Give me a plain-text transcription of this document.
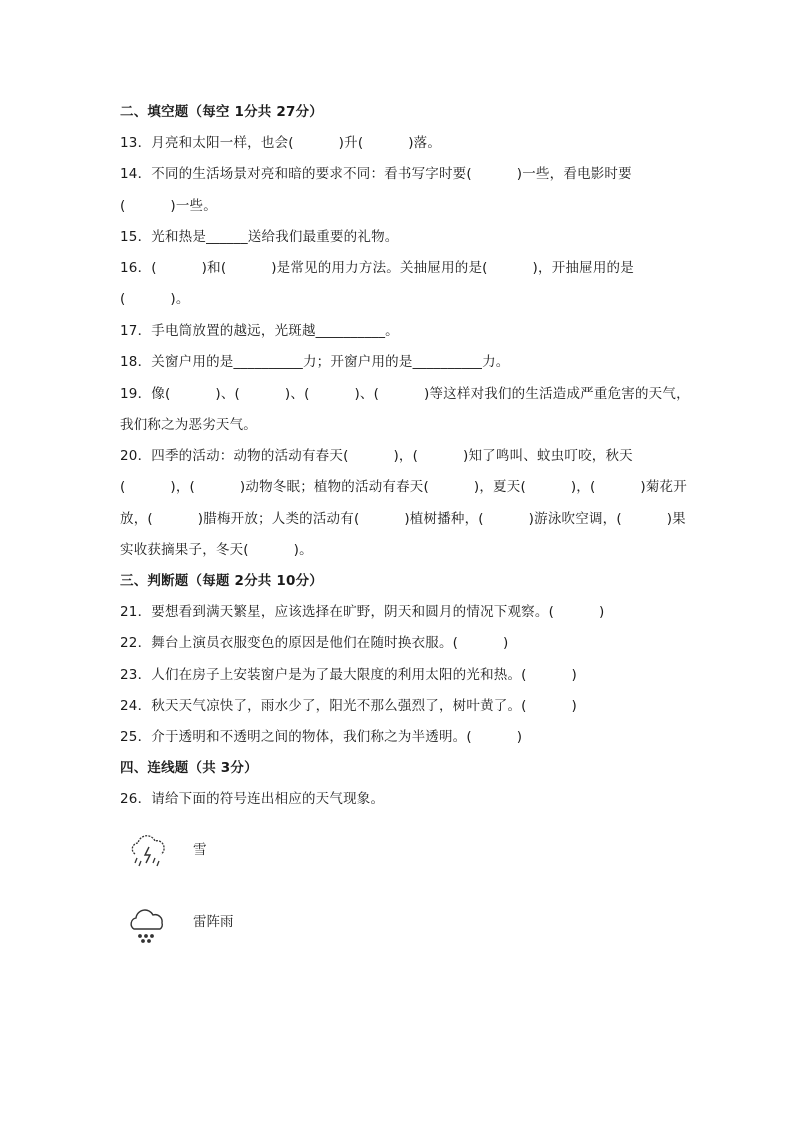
二、填空题（每空 1分共 27分）
13．月亮和太阳一样，也会(          )升(          )落。
14．不同的生活场景对亮和暗的要求不同：看书写字时要(          )一些，看电影时要
(          )一些。
15．光和热是______送给我们最重要的礼物。
16．(          )和(          )是常见的用力方法。关抽屉用的是(          )，开抽屉用的是
(          )。
17．手电筒放置的越远，光斑越__________。
18．关窗户用的是__________力；开窗户用的是__________力。
19．像(          )、(          )、(          )、(          )等这样对我们的生活造成严重危害的天气，
我们称之为恶劣天气。
20．四季的活动：动物的活动有春天(          )，(          )知了鸣叫、蚊虫叮咬，秋天
(          )，(          )动物冬眠；植物的活动有春天(          )，夏天(          )，(          )菊花开
放，(          )腊梅开放；人类的活动有(          )植树播种，(          )游泳吹空调，(          )果
实收获摘果子，冬天(          )。
三、判断题（每题 2分共 10分）
21．要想看到满天繁星，应该选择在旷野，阴天和圆月的情况下观察。(          )
22．舞台上演员衣服变色的原因是他们在随时换衣服。(          )
23．人们在房子上安装窗户是为了最大限度的利用太阳的光和热。(          )
24．秋天天气凉快了，雨水少了，阳光不那么强烈了，树叶黄了。(          )
25．介于透明和不透明之间的物体，我们称之为半透明。(          )
四、连线题（共 3分）
26．请给下面的符号连出相应的天气现象。
雪
雷阵雨
